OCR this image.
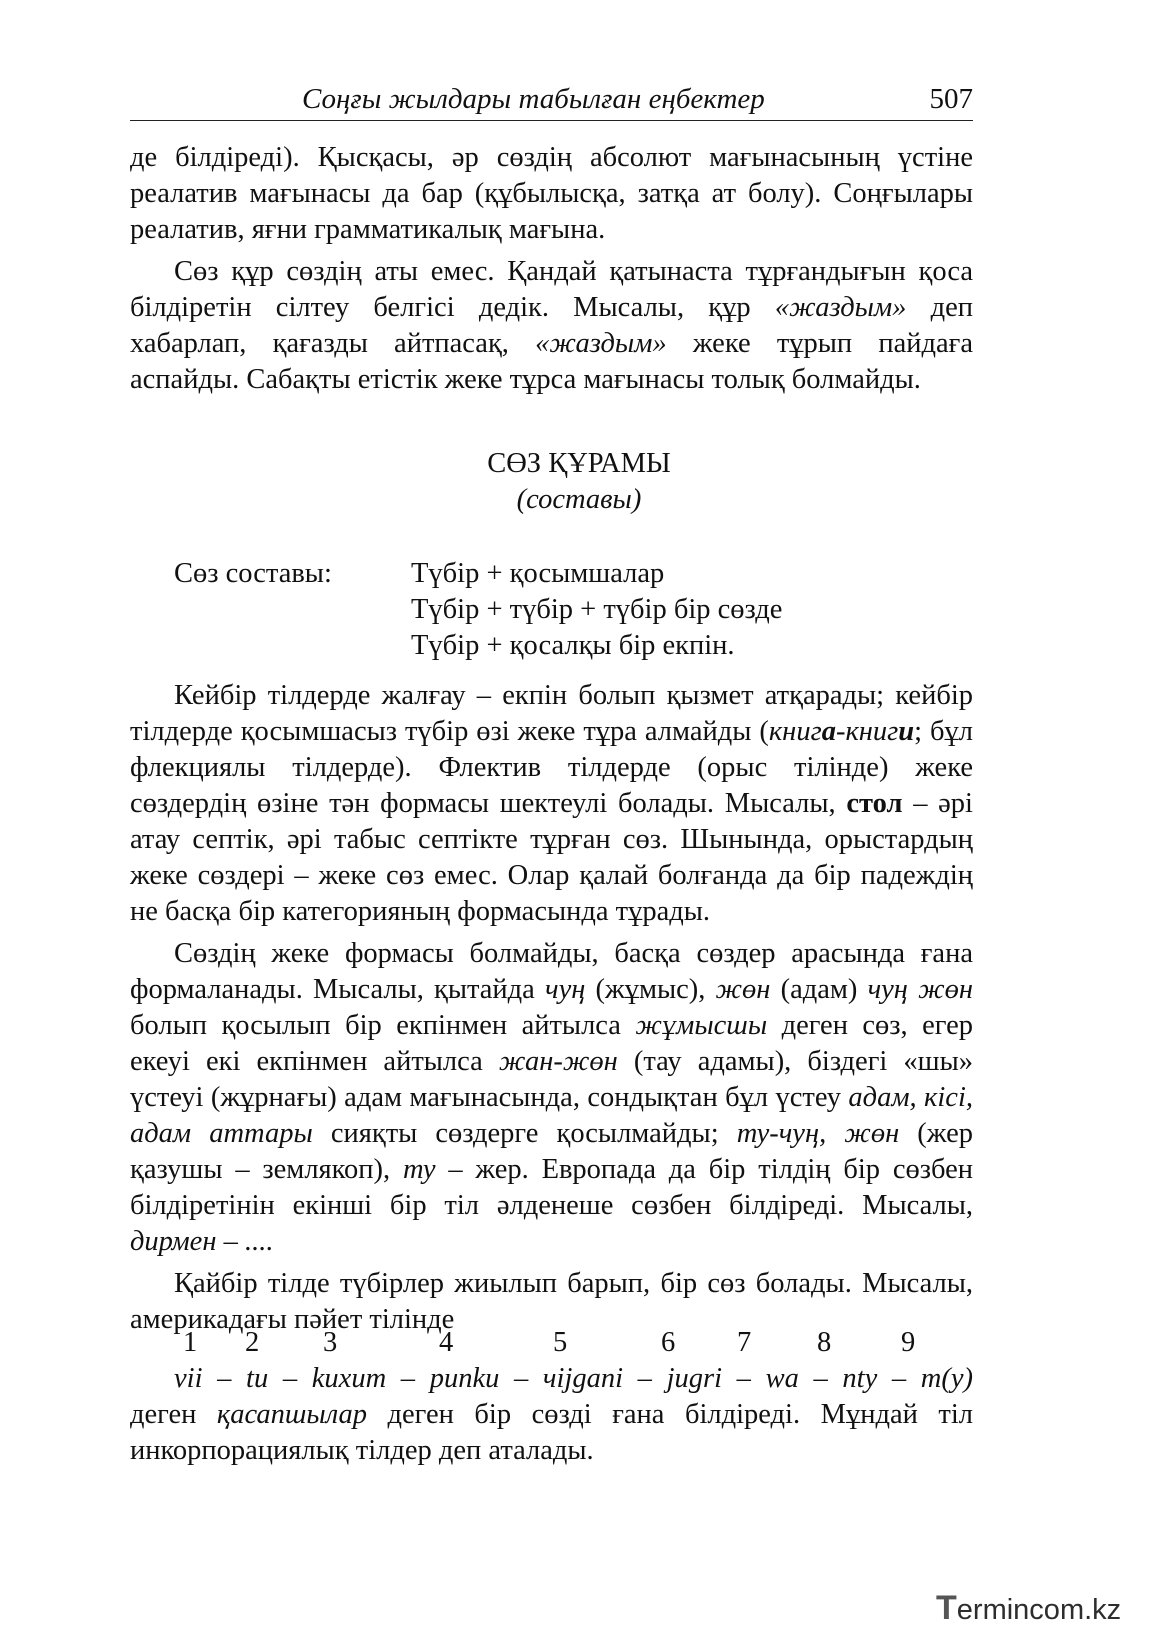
Соңғы жылдары табылған еңбектер	507

де білдіреді). Қысқасы, әр сөздің абсолют мағынасының үстіне реалатив мағынасы да бар (құбылысқа, затқа ат болу). Соңғылары реалатив, яғни грамматикалық мағына.

Сөз құр сөздің аты емес. Қандай қатынаста тұрғандығын қоса білдіретін сілтеу белгісі дедік. Мысалы, құр «жаздым» деп хабарлап, қағазды айтпасақ, «жаздым» жеке тұрып пайдаға аспайды. Сабақты етістік жеке тұрса мағынасы толық болмайды.

СӨЗ ҚҰРАМЫ
(составы)
Сөз составы:	Түбір + қосымшалар
Түбір + түбір + түбір бір сөзде
Түбір + қосалқы бір екпін.

Кейбір тілдерде жалғау – екпін болып қызмет атқарады; кейбір тілдерде қосымшасыз түбір өзі жеке тұра алмайды (книга-книги; бұл флекциялы тілдерде). Флектив тілдерде (орыс тілінде) жеке сөздердің өзіне тән формасы шектеулі болады. Мысалы, стол – әрі атау септік, әрі табыс септікте тұрған сөз. Шынында, орыстардың жеке сөздері – жеке сөз емес. Олар қалай болғанда да бір падеждің не басқа бір категорияның формасында тұрады.

Сөздің жеке формасы болмайды, басқа сөздер арасында ғана формаланады. Мысалы, қытайда чуң (жұмыс), жөн (адам) чуң жөн болып қосылып бір екпінмен айтылса жұмысшы деген сөз, егер екеуі екі екпінмен айтылса жан-жөн (тау адамы), біздегі «шы» үстеуі (жұрнағы) адам мағынасында, сондықтан бұл үстеу адам, кісі, адам аттары сияқты сөздерге қосылмайды; ту-чуң, жөн (жер қазушы – землякоп), ту – жер. Европада да бір тілдің бір сөзбен білдіретінін екінші бір тіл әлденеше сөзбен білдіреді. Мысалы, дирмен – ....

Қайбір тілде түбірлер жиылып барып, бір сөз болады. Мысалы, америкадағы пәйет тілінде

1 2 3	4	5	6 7 8 9
vii – tu – kuxum – punku – чijgani – jugri – wa – nty – m(y)

деген қасапшылар деген бір сөзді ғана білдіреді. Мұндай тіл инкорпорациялық тілдер деп аталады.

Termincom.kz
